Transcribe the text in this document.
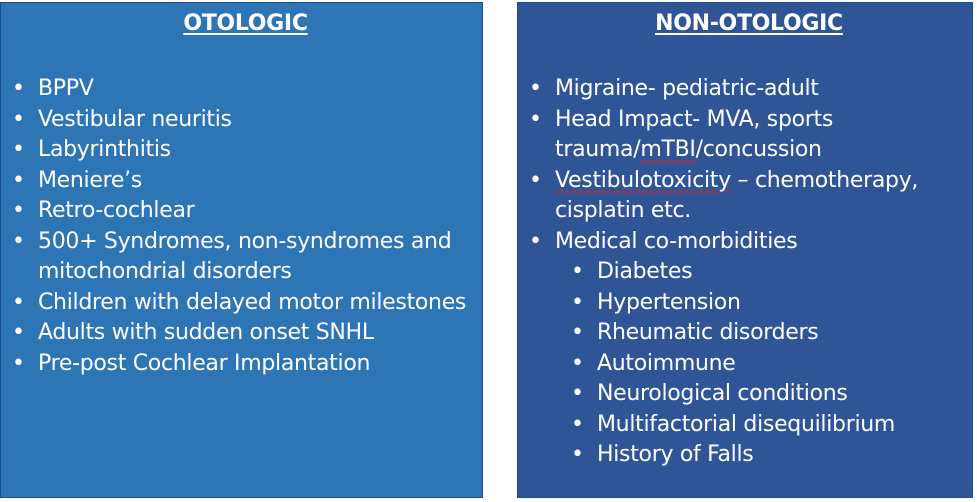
OTOLOGIC
• BPPV
• Vestibular neuritis
• Labyrinthitis
• Meniere’s
• Retro-cochlear
• 500+ Syndromes, non-syndromes and mitochondrial disorders
• Children with delayed motor milestones
• Adults with sudden onset SNHL
• Pre-post Cochlear Implantation
NON-OTOLOGIC
• Migraine- pediatric-adult
• Head Impact- MVA, sports trauma/mTBI/concussion
• Vestibulotoxicity – chemotherapy, cisplatin etc.
• Medical co-morbidities
• Diabetes
• Hypertension
• Rheumatic disorders
• Autoimmune
• Neurological conditions
• Multifactorial disequilibrium
• History of Falls
